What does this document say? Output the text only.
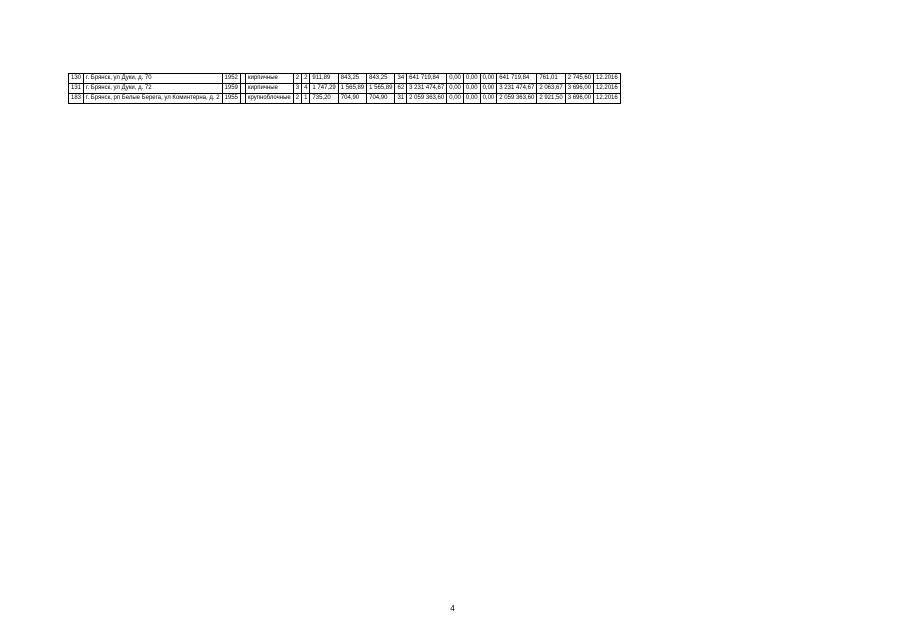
130	г. Брянск, ул Дуки, д. 70	1952		кирпичные	2	2	911,89	843,25	843,25	34	641 719,84	0,00	0,00	0,00	641 719,84	761,01	2 745,60	12.2016
131	г. Брянск, ул Дуки, д. 72	1959		кирпичные	3	4	1 747,29	1 565,89	1 565,89	62	3 231 474,67	0,00	0,00	0,00	3 231 474,67	2 063,67	3 696,00	12.2016
183	г. Брянск, рп Белые Берега, ул Коминтерна, д. 2	1955		крупноблочные	2	1	735,20	704,90	704,90	31	2 059 363,60	0,00	0,00	0,00	2 059 363,60	2 921,50	3 696,00	12.2016
4
